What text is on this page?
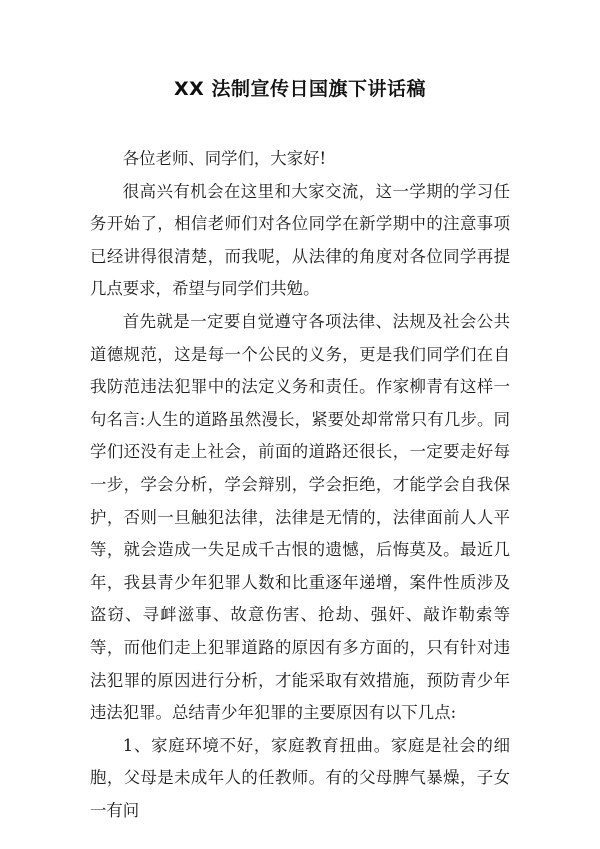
XX 法制宣传日国旗下讲话稿

各位老师、同学们，大家好!

很高兴有机会在这里和大家交流，这一学期的学习任务开始了，相信老师们对各位同学在新学期中的注意事项已经讲得很清楚，而我呢，从法律的角度对各位同学再提几点要求，希望与同学们共勉。

首先就是一定要自觉遵守各项法律、法规及社会公共道德规范，这是每一个公民的义务，更是我们同学们在自我防范违法犯罪中的法定义务和责任。作家柳青有这样一句名言:人生的道路虽然漫长，紧要处却常常只有几步。同学们还没有走上社会，前面的道路还很长，一定要走好每一步，学会分析，学会辩别，学会拒绝，才能学会自我保护，否则一旦触犯法律，法律是无情的，法律面前人人平等，就会造成一失足成千古恨的遗憾，后悔莫及。最近几年，我县青少年犯罪人数和比重逐年递增，案件性质涉及盗窃、寻衅滋事、故意伤害、抢劫、强奸、敲诈勒索等等，而他们走上犯罪道路的原因有多方面的，只有针对违法犯罪的原因进行分析，才能采取有效措施，预防青少年违法犯罪。总结青少年犯罪的主要原因有以下几点:

1、家庭环境不好，家庭教育扭曲。家庭是社会的细胞，父母是未成年人的任教师。有的父母脾气暴燥，子女一有问
